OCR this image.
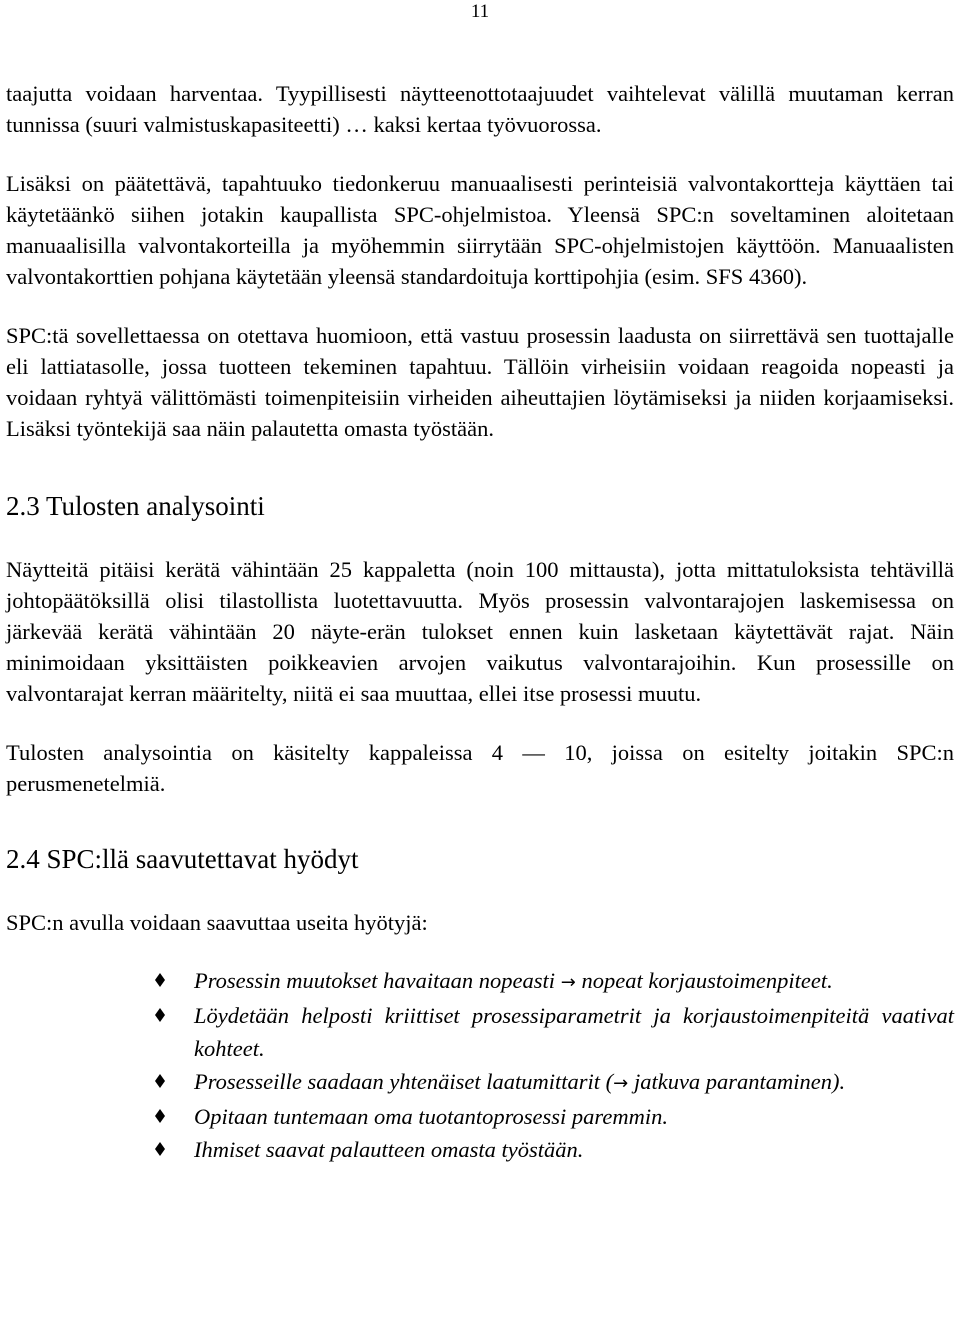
11

taajutta voidaan harventaa. Tyypillisesti näytteenottotaajuudet vaihtelevat välillä muutaman kerran tunnissa (suuri valmistuskapasiteetti) … kaksi kertaa työvuorossa.

Lisäksi on päätettävä, tapahtuuko tiedonkeruu manuaalisesti perinteisiä valvontakortteja käyttäen tai käytetäänkö siihen jotakin kaupallista SPC-ohjelmistoa. Yleensä SPC:n soveltaminen aloitetaan manuaalisilla valvontakorteilla ja myöhemmin siirrytään SPC-ohjelmistojen käyttöön. Manuaalisten valvontakorttien pohjana käytetään yleensä standardoituja korttipohjia (esim. SFS 4360).

SPC:tä sovellettaessa on otettava huomioon, että vastuu prosessin laadusta on siirrettävä sen tuottajalle eli lattiatasolle, jossa tuotteen tekeminen tapahtuu. Tällöin virheisiin voidaan reagoida nopeasti ja voidaan ryhtyä välittömästi toimenpiteisiin virheiden aiheuttajien löytämiseksi ja niiden korjaamiseksi. Lisäksi työntekijä saa näin palautetta omasta työstään.

2.3 Tulosten analysointi

Näytteitä pitäisi kerätä vähintään 25 kappaletta (noin 100 mittausta), jotta mittatuloksista tehtävillä johtopäätöksillä olisi tilastollista luotettavuutta. Myös prosessin valvontarajojen laskemisessa on järkevää kerätä vähintään 20 näyte-erän tulokset ennen kuin lasketaan käytettävät rajat. Näin minimoidaan yksittäisten poikkeavien arvojen vaikutus valvontarajoihin. Kun prosessille on valvontarajat kerran määritelty, niitä ei saa muuttaa, ellei itse prosessi muutu.

Tulosten analysointia on käsitelty kappaleissa 4 — 10, joissa on esitelty joitakin SPC:n perusmenetelmiä.

2.4 SPC:llä saavutettavat hyödyt

SPC:n avulla voidaan saavuttaa useita hyötyjä:

Prosessin muutokset havaitaan nopeasti → nopeat korjaustoimenpiteet.
Löydetään helposti kriittiset prosessiparametrit ja korjaustoimenpiteitä vaativat kohteet.
Prosesseille saadaan yhtenäiset laatumittarit (→ jatkuva parantaminen).
Opitaan tuntemaan oma tuotantoprosessi paremmin.
Ihmiset saavat palautteen omasta työstään.
